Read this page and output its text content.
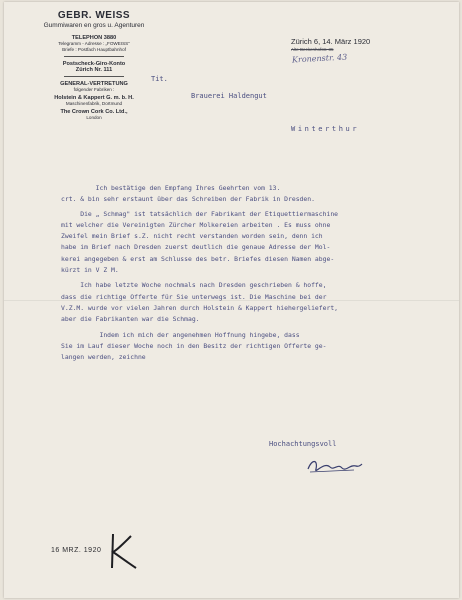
GEBR. WEISS
Gummiwaren en gros u. Agenturen
TELEPHON 3880
Telegramm - Adresse : „FOWEISS“
Briefe : Postfach Hauptbahnhof
Postscheck-Giro-Konto
Zürich Nr. 111
GENERAL-VERTRETUNG
folgender Fabriken :
Holstein & Kappert G. m. b. H.
Maschinenfabrik, Dortmund
The Crown Cork Co. Ltd.,
London
Zürich 6, 14. März 1920
Alte Beckenhofstr. 35
Kronenstr. 43
Tit.
Brauerei Haldengut
Winterthur
Ich bestätige den Empfang Ihres Geehrten vom 13.
crt. & bin sehr erstaunt über das Schreiben der Fabrik in Dresden.
Die „ Schmag" ist tatsächlich der Fabrikant der Etiquettiermaschine
mit welcher die Vereinigten Zürcher Molkereien arbeiten . Es muss ohne
Zweifel mein Brief s.Z. nicht recht verstanden worden sein, denn ich
habe im Brief nach Dresden zuerst deutlich die genaue Adresse der Mol-
kerei angegeben & erst am Schlusse des betr. Briefes diesen Namen abge-
kürzt in V Z M.
Ich habe letzte Woche nochmals nach Dresden geschrieben & hoffe,
dass die richtige Offerte für Sie unterwegs ist. Die Maschine bei der
V.Z.M. wurde vor vielen Jahren durch Holstein & Kappert hiehergeliefert,
aber die Fabrikanten war die Schmag.
Indem ich mich der angenehmen Hoffnung hingebe, dass
Sie im Lauf dieser Woche noch in den Besitz der richtigen Offerte ge-
langen werden, zeichne
Hochachtungsvoll
16 MRZ. 1920
